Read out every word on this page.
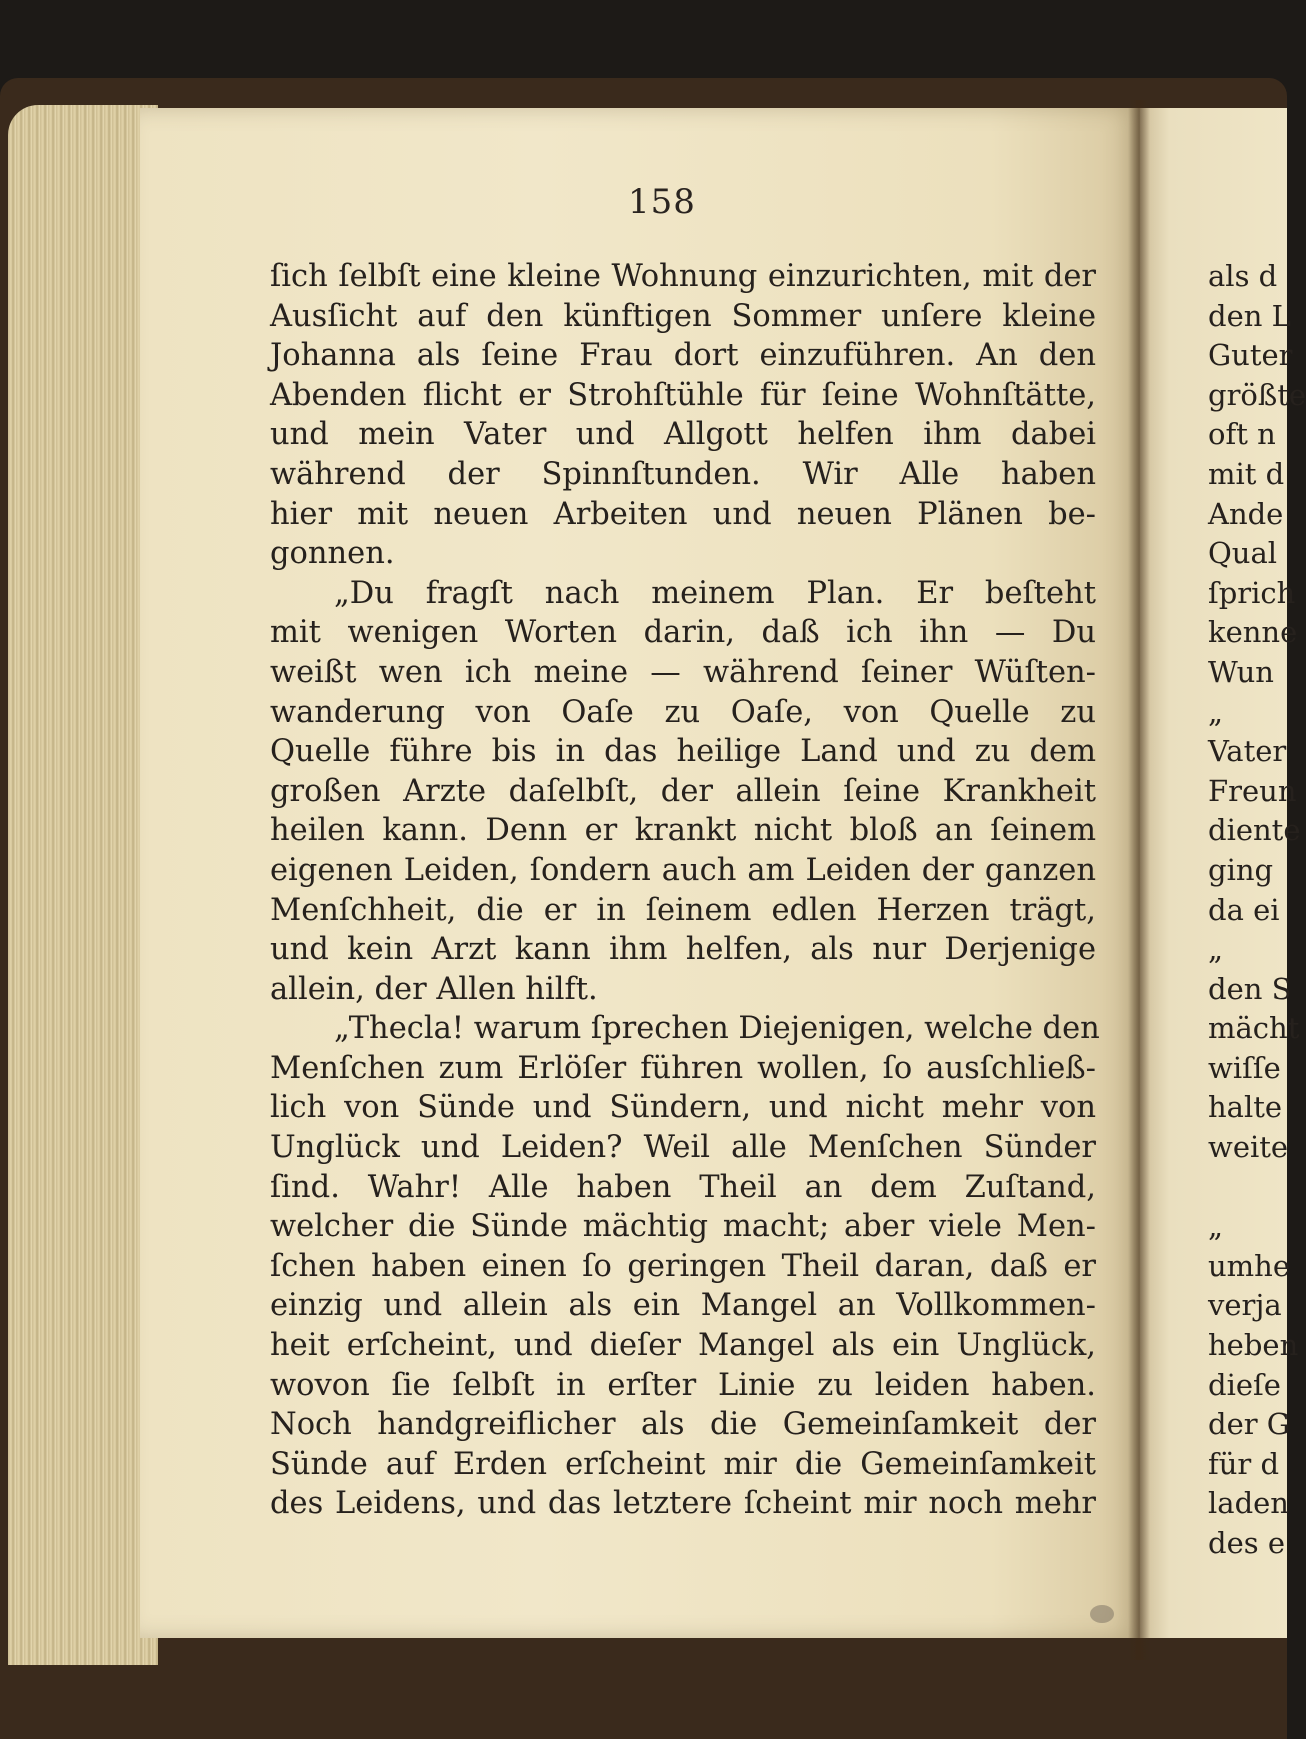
158
ſich ſelbſt eine kleine Wohnung einzurichten, mit der
Ausſicht auf den künftigen Sommer unſere kleine
Johanna als ſeine Frau dort einzuführen. An den
Abenden flicht er Strohſtühle für ſeine Wohnſtätte,
und mein Vater und Allgott helfen ihm dabei
während der Spinnſtunden. Wir Alle haben
hier mit neuen Arbeiten und neuen Plänen be-
gonnen.
„Du fragſt nach meinem Plan. Er beſteht
mit wenigen Worten darin, daß ich ihn — Du
weißt wen ich meine — während ſeiner Wüſten-
wanderung von Oaſe zu Oaſe, von Quelle zu
Quelle führe bis in das heilige Land und zu dem
großen Arzte daſelbſt, der allein ſeine Krankheit
heilen kann. Denn er krankt nicht bloß an ſeinem
eigenen Leiden, ſondern auch am Leiden der ganzen
Menſchheit, die er in ſeinem edlen Herzen trägt,
und kein Arzt kann ihm helfen, als nur Derjenige
allein, der Allen hilft.
„Thecla! warum ſprechen Diejenigen, welche den
Menſchen zum Erlöſer führen wollen, ſo ausſchließ-
lich von Sünde und Sündern, und nicht mehr von
Unglück und Leiden? Weil alle Menſchen Sünder
ſind. Wahr! Alle haben Theil an dem Zuſtand,
welcher die Sünde mächtig macht; aber viele Men-
ſchen haben einen ſo geringen Theil daran, daß er
einzig und allein als ein Mangel an Vollkommen-
heit erſcheint, und dieſer Mangel als ein Unglück,
wovon ſie ſelbſt in erſter Linie zu leiden haben.
Noch handgreiflicher als die Gemeinſamkeit der
Sünde auf Erden erſcheint mir die Gemeinſamkeit
des Leidens, und das letztere ſcheint mir noch mehr
als d
den L
Guter
größte
oft n
mit d
Ande
Qual
ſprich
kenne
Wun
„
Vater
Freun
diente
ging
da ei
„
den S
mächt
wiſſe
halte
weite
„
umhe
verja
heben
dieſe
der G
für d
laden
des e
